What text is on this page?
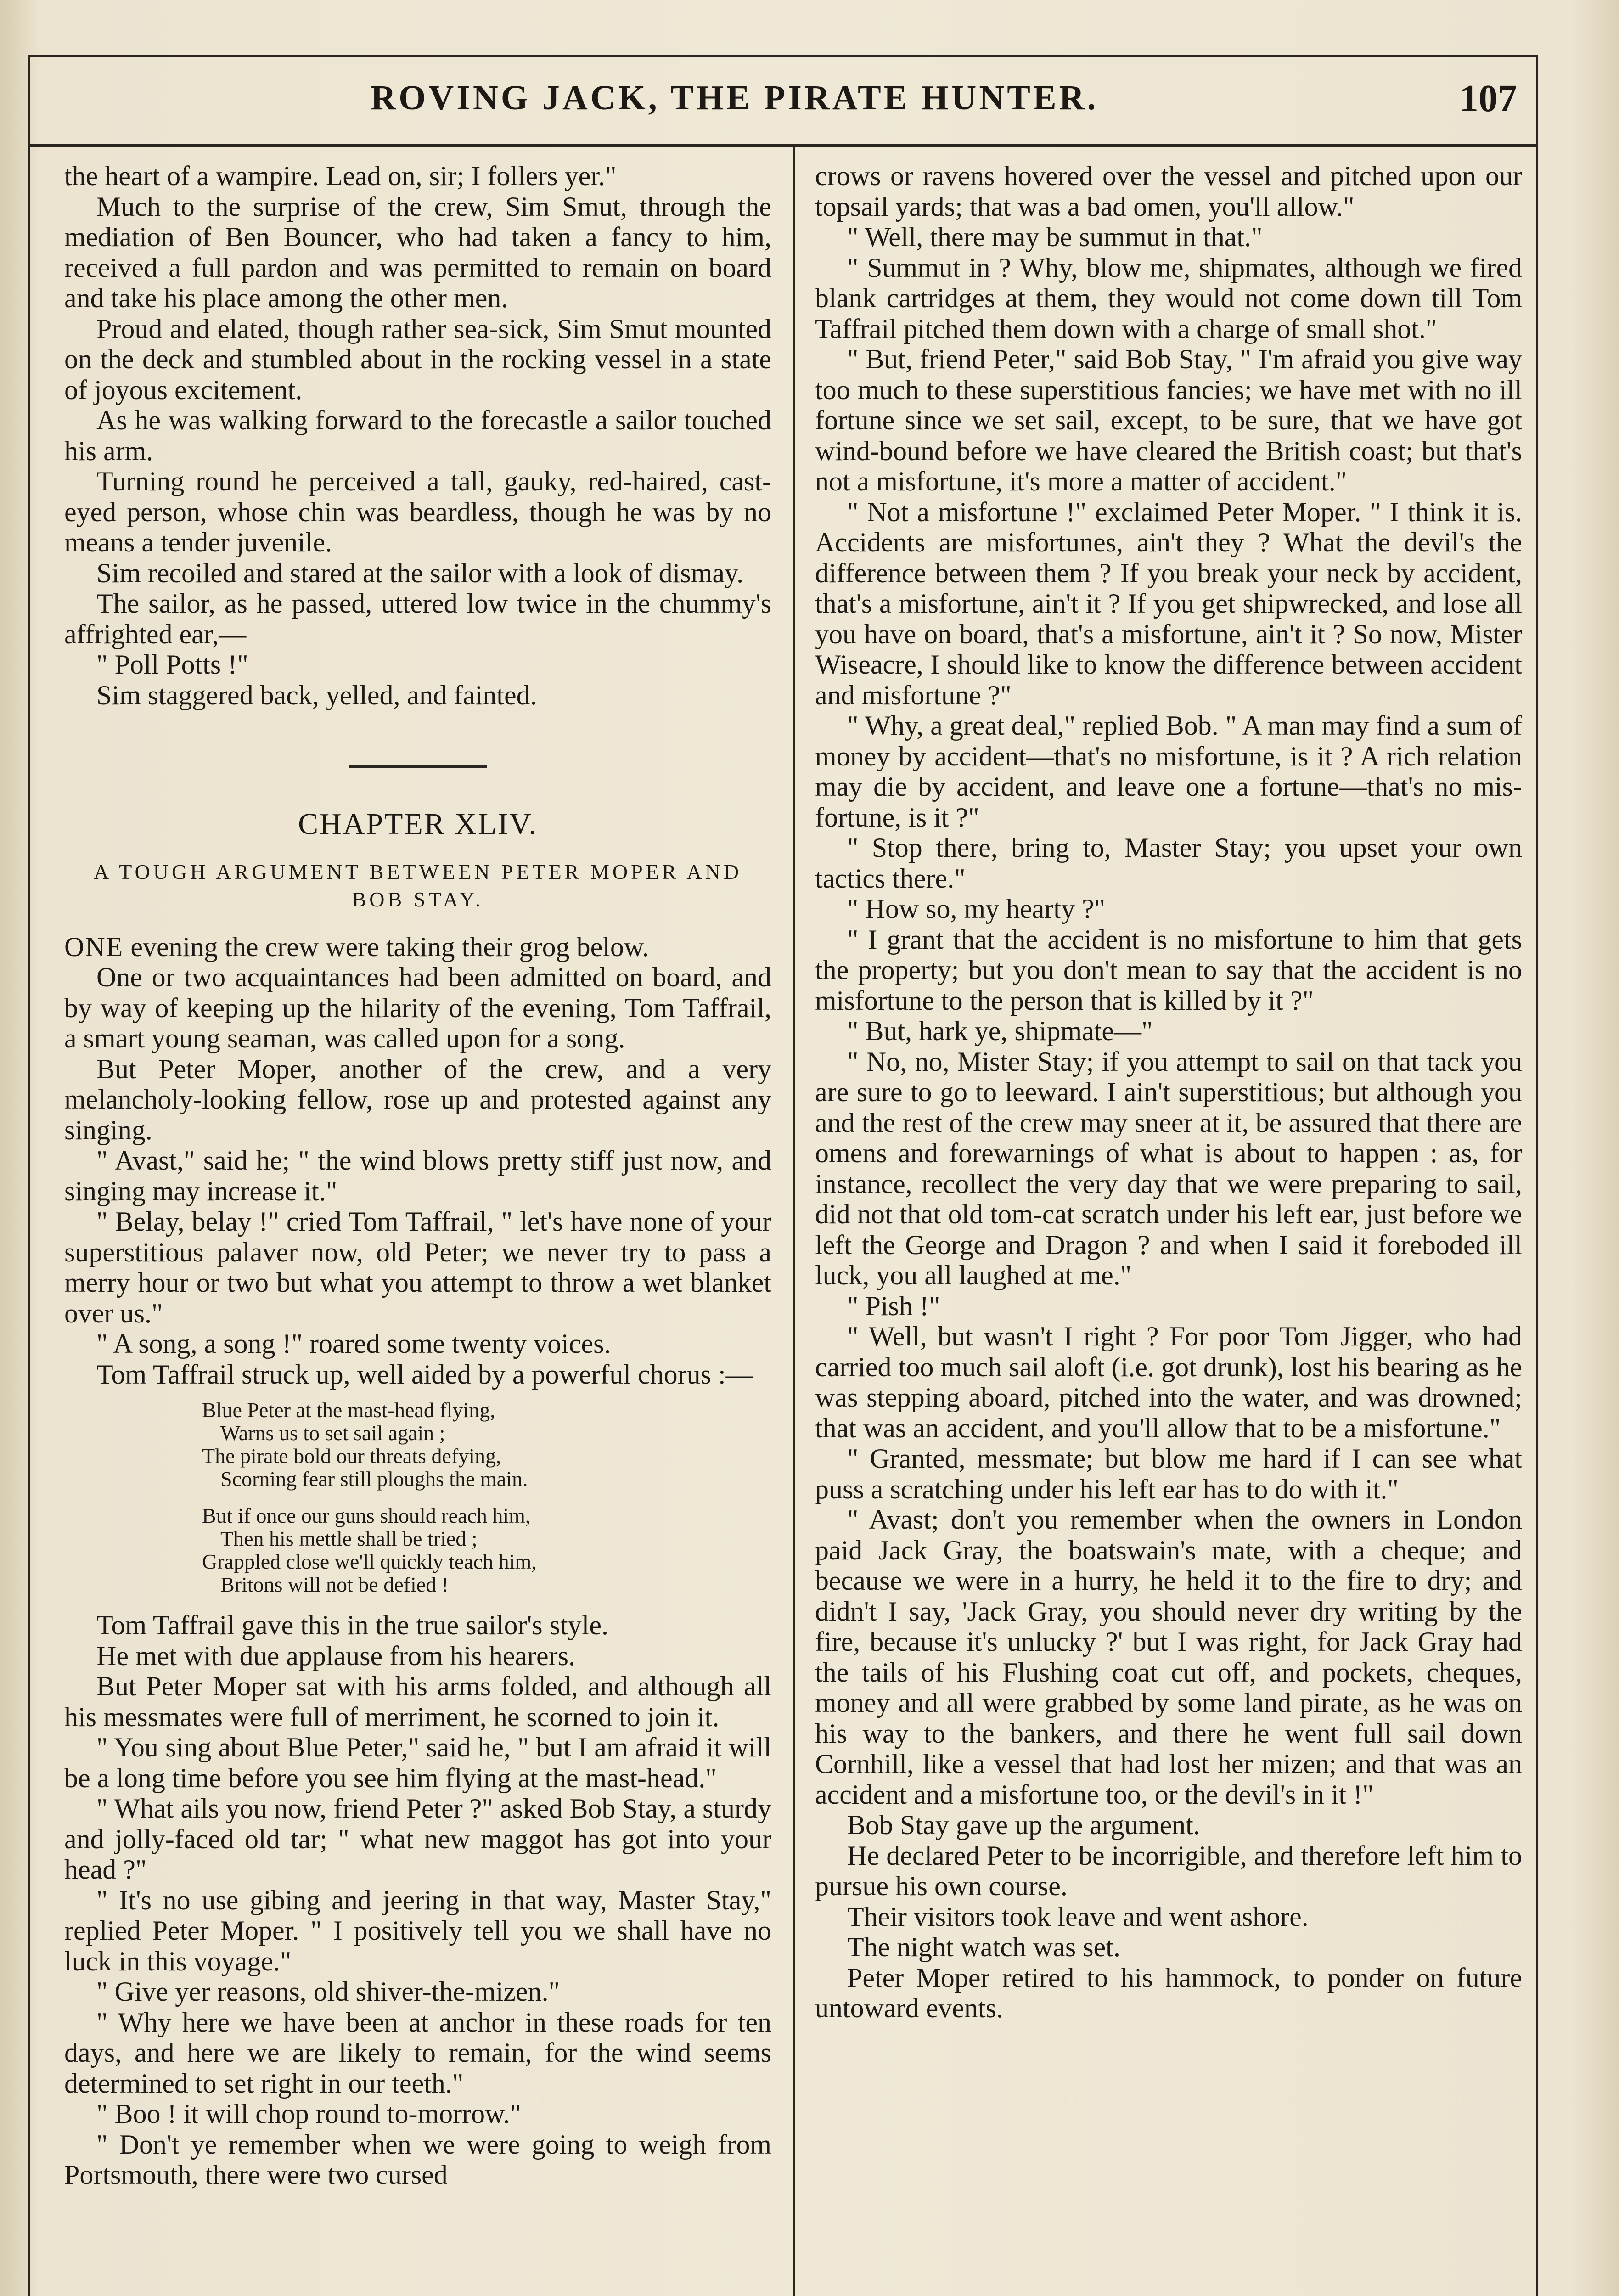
ROVING JACK, THE PIRATE HUNTER.	107

the heart of a wampire. Lead on, sir; I follers yer."

Much to the surprise of the crew, Sim Smut, through the mediation of Ben Bouncer, who had taken a fancy to him, received a full pardon and was permitted to remain on board and take his place among the other men.

Proud and elated, though rather sea-sick, Sim Smut mounted on the deck and stumbled about in the rocking vessel in a state of joyous excitement.

As he was walking forward to the forecastle a sailor touched his arm.

Turning round he perceived a tall, gauky, red-haired, cast-eyed person, whose chin was beardless, though he was by no means a tender juvenile.

Sim recoiled and stared at the sailor with a look of dismay.

The sailor, as he passed, uttered low twice in the chummy's affrighted ear,—

" Poll Potts !"

Sim staggered back, yelled, and fainted.

CHAPTER XLIV.
A TOUGH ARGUMENT BETWEEN PETER MOPER AND BOB STAY.

ONE evening the crew were taking their grog below.

One or two acquaintances had been admitted on board, and by way of keeping up the hilarity of the evening, Tom Taffrail, a smart young seaman, was called upon for a song.

But Peter Moper, another of the crew, and a very melancholy-looking fellow, rose up and protested against any singing.

" Avast," said he; " the wind blows pretty stiff just now, and singing may increase it."

" Belay, belay !" cried Tom Taffrail, " let's have none of your superstitious palaver now, old Peter; we never try to pass a merry hour or two but what you attempt to throw a wet blanket over us."

" A song, a song !" roared some twenty voices.

Tom Taffrail struck up, well aided by a powerful chorus :—

Blue Peter at the mast-head flying,
Warns us to set sail again ;
The pirate bold our threats defying,
Scorning fear still ploughs the main.
But if once our guns should reach him,
Then his mettle shall be tried ;
Grappled close we'll quickly teach him,
Britons will not be defied !

Tom Taffrail gave this in the true sailor's style.

He met with due applause from his hearers.

But Peter Moper sat with his arms folded, and although all his messmates were full of merriment, he scorned to join it.

" You sing about Blue Peter," said he, " but I am afraid it will be a long time before you see him flying at the mast-head."

" What ails you now, friend Peter ?" asked Bob Stay, a sturdy and jolly-faced old tar; " what new maggot has got into your head ?"

" It's no use gibing and jeering in that way, Master Stay," replied Peter Moper. " I positively tell you we shall have no luck in this voyage."

" Give yer reasons, old shiver-the-mizen."

" Why here we have been at anchor in these roads for ten days, and here we are likely to remain, for the wind seems determined to set right in our teeth."

" Boo ! it will chop round to-morrow."

" Don't ye remember when we were going to weigh from Portsmouth, there were two cursed

crows or ravens hovered over the vessel and pitched upon our topsail yards; that was a bad omen, you'll allow."

" Well, there may be summut in that."

" Summut in ? Why, blow me, shipmates, although we fired blank cartridges at them, they would not come down till Tom Taffrail pitched them down with a charge of small shot."

" But, friend Peter," said Bob Stay, " I'm afraid you give way too much to these superstitious fancies; we have met with no ill fortune since we set sail, except, to be sure, that we have got wind-bound before we have cleared the British coast; but that's not a misfortune, it's more a matter of accident."

" Not a misfortune !" exclaimed Peter Moper. " I think it is. Accidents are misfortunes, ain't they ? What the devil's the difference between them ? If you break your neck by accident, that's a misfortune, ain't it ? If you get shipwrecked, and lose all you have on board, that's a misfortune, ain't it ? So now, Mister Wiseacre, I should like to know the difference between accident and misfortune ?"

" Why, a great deal," replied Bob. " A man may find a sum of money by accident—that's no misfortune, is it ? A rich relation may die by accident, and leave one a fortune—that's no mis-fortune, is it ?"

" Stop there, bring to, Master Stay; you upset your own tactics there."

" How so, my hearty ?"

" I grant that the accident is no misfortune to him that gets the property; but you don't mean to say that the accident is no misfortune to the person that is killed by it ?"

" But, hark ye, shipmate—"

" No, no, Mister Stay; if you attempt to sail on that tack you are sure to go to leeward. I ain't superstitious; but although you and the rest of the crew may sneer at it, be assured that there are omens and forewarnings of what is about to happen : as, for instance, recollect the very day that we were preparing to sail, did not that old tom-cat scratch under his left ear, just before we left the George and Dragon ? and when I said it foreboded ill luck, you all laughed at me."

" Pish !"

" Well, but wasn't I right ? For poor Tom Jigger, who had carried too much sail aloft (i.e. got drunk), lost his bearing as he was stepping aboard, pitched into the water, and was drowned; that was an accident, and you'll allow that to be a misfortune."

" Granted, messmate; but blow me hard if I can see what puss a scratching under his left ear has to do with it."

" Avast; don't you remember when the owners in London paid Jack Gray, the boatswain's mate, with a cheque; and because we were in a hurry, he held it to the fire to dry; and didn't I say, 'Jack Gray, you should never dry writing by the fire, because it's unlucky ?' but I was right, for Jack Gray had the tails of his Flushing coat cut off, and pockets, cheques, money and all were grabbed by some land pirate, as he was on his way to the bankers, and there he went full sail down Cornhill, like a vessel that had lost her mizen; and that was an accident and a misfortune too, or the devil's in it !"

Bob Stay gave up the argument.

He declared Peter to be incorrigible, and therefore left him to pursue his own course.

Their visitors took leave and went ashore.

The night watch was set.

Peter Moper retired to his hammock, to ponder on future untoward events.
